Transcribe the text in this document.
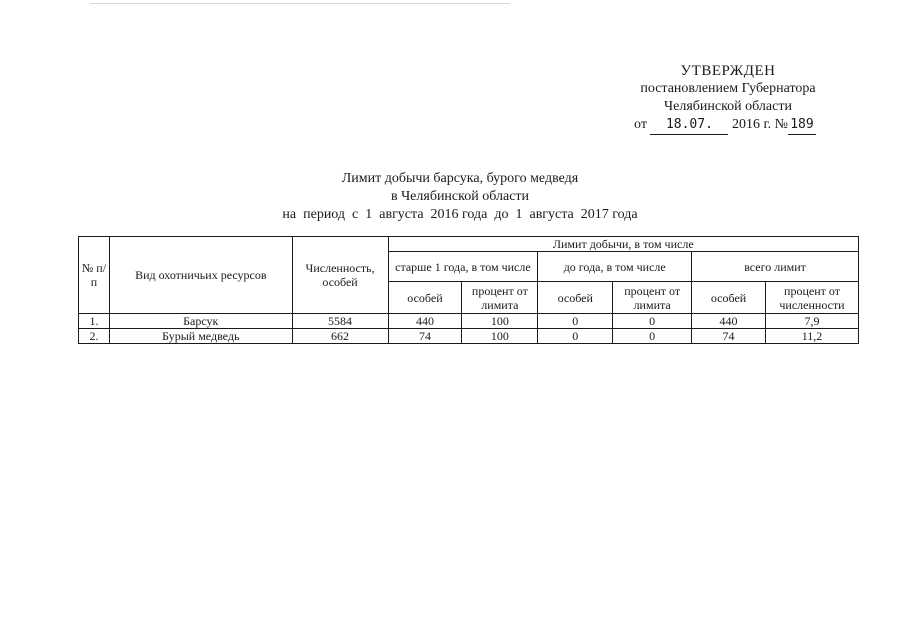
УТВЕРЖДЕН
постановлением Губернатора
Челябинской области
от 18.07. 2016 г. № 189
Лимит добычи барсука, бурого медведя
в Челябинской области
на  период  с  1  августа  2016 года  до  1  августа  2017 года
№ п/п	Вид охотничьих ресурсов	Численность, особей	Лимит добычи, в том числе					
			старше 1 года, в том числе		до года, в том числе		всего лимит	
			особей	процент от лимита	особей	процент от лимита	особей	процент от численности
1.	Барсук	5584	440	100	0	0	440	7,9
2.	Бурый медведь	662	74	100	0	0	74	11,2
